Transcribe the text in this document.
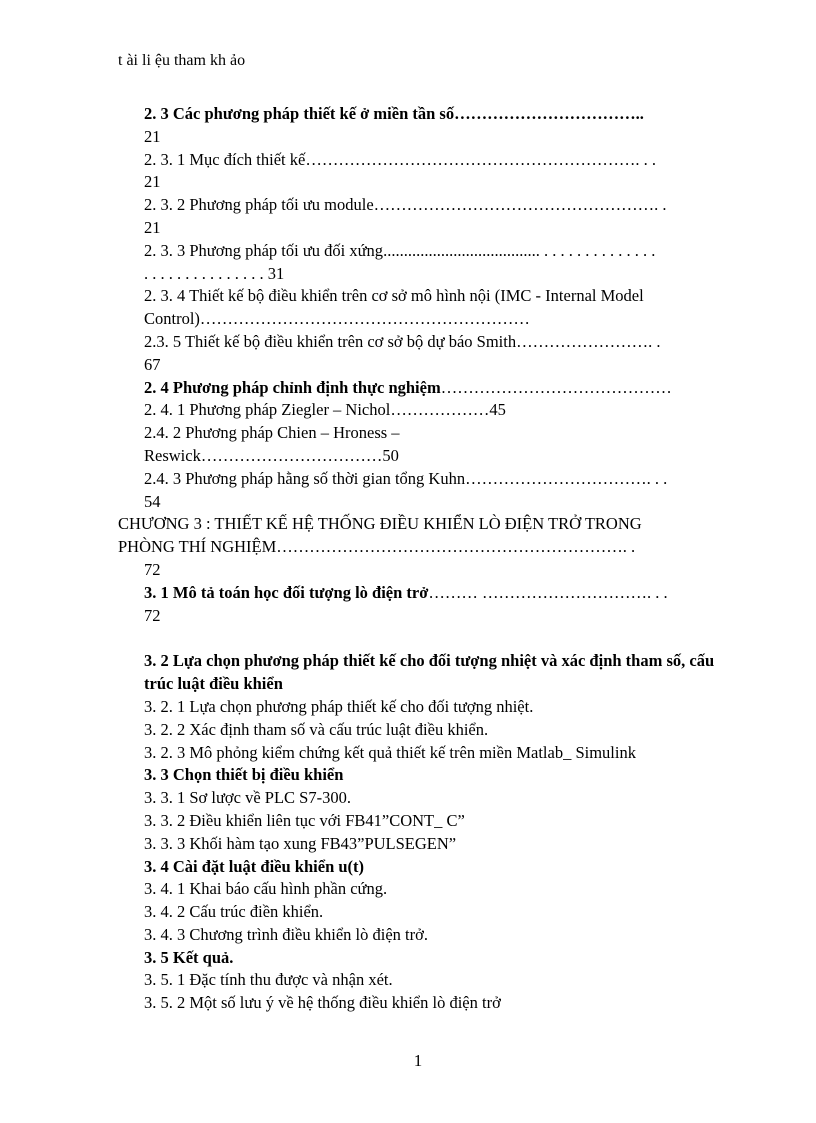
t ài li ệu tham kh ảo

2. 3 Các phương pháp thiết kế ở miền tần số……………………………..

21

2. 3. 1 Mục đích thiết kế……………………………………………………. . .

21

2. 3. 2 Phương pháp tối ưu module……………………………………………. .

21

2. 3. 3 Phương pháp tối ưu đối xứng...................................... . . . . . . . . . . . . . .

. . . . . . . . . . . . . . . 31

2. 3. 4 Thiết kế bộ điều khiển trên cơ sở mô hình nội (IMC - Internal Model

Control)……………………………………………………

2.3. 5 Thiết kế bộ điều khiển trên cơ sở bộ dự báo Smith……………………. .

67

2. 4 Phương pháp chỉnh định thực nghiệm……………………………………

2. 4. 1 Phương pháp Ziegler – Nichol………………45

2.4. 2 Phương pháp Chien – Hroness –

Reswick……………………………50

2.4. 3 Phương pháp hằng số thời gian tổng Kuhn……………………………. . .

54

CHƯƠNG 3 : THIẾT KẾ HỆ THỐNG ĐIỀU KHIỂN LÒ ĐIỆN TRỞ TRONG

PHÒNG THÍ NGHIỆM………………………………………………………. .

72

3. 1 Mô tả toán học đối tượng lò điện trở……… …………………………. . .

72

3. 2 Lựa chọn phương pháp thiết kế cho đối tượng nhiệt và xác định tham số, cấu trúc luật điều khiển

3. 2. 1 Lựa chọn phương pháp thiết kế cho đối tượng nhiệt.

3. 2. 2 Xác định tham số và cấu trúc luật điều khiển.

3. 2. 3 Mô phỏng kiểm chứng kết quả thiết kế trên miền Matlab_ Simulink

3. 3 Chọn thiết bị điều khiển

3. 3. 1 Sơ lược về PLC S7-300.

3. 3. 2 Điều khiển liên tục với FB41”CONT_ C”

3. 3. 3 Khối hàm tạo xung FB43”PULSEGEN”

3. 4 Cài đặt luật điều khiển u(t)

3. 4. 1 Khai báo cấu hình phần cứng.

3. 4. 2 Cấu trúc điền khiển.

3. 4. 3 Chương trình điều khiển lò điện trở.

3. 5 Kết quả.

3. 5. 1 Đặc tính thu được và nhận xét.

3. 5. 2 Một số lưu ý về hệ thống điều khiển lò điện trở

1
